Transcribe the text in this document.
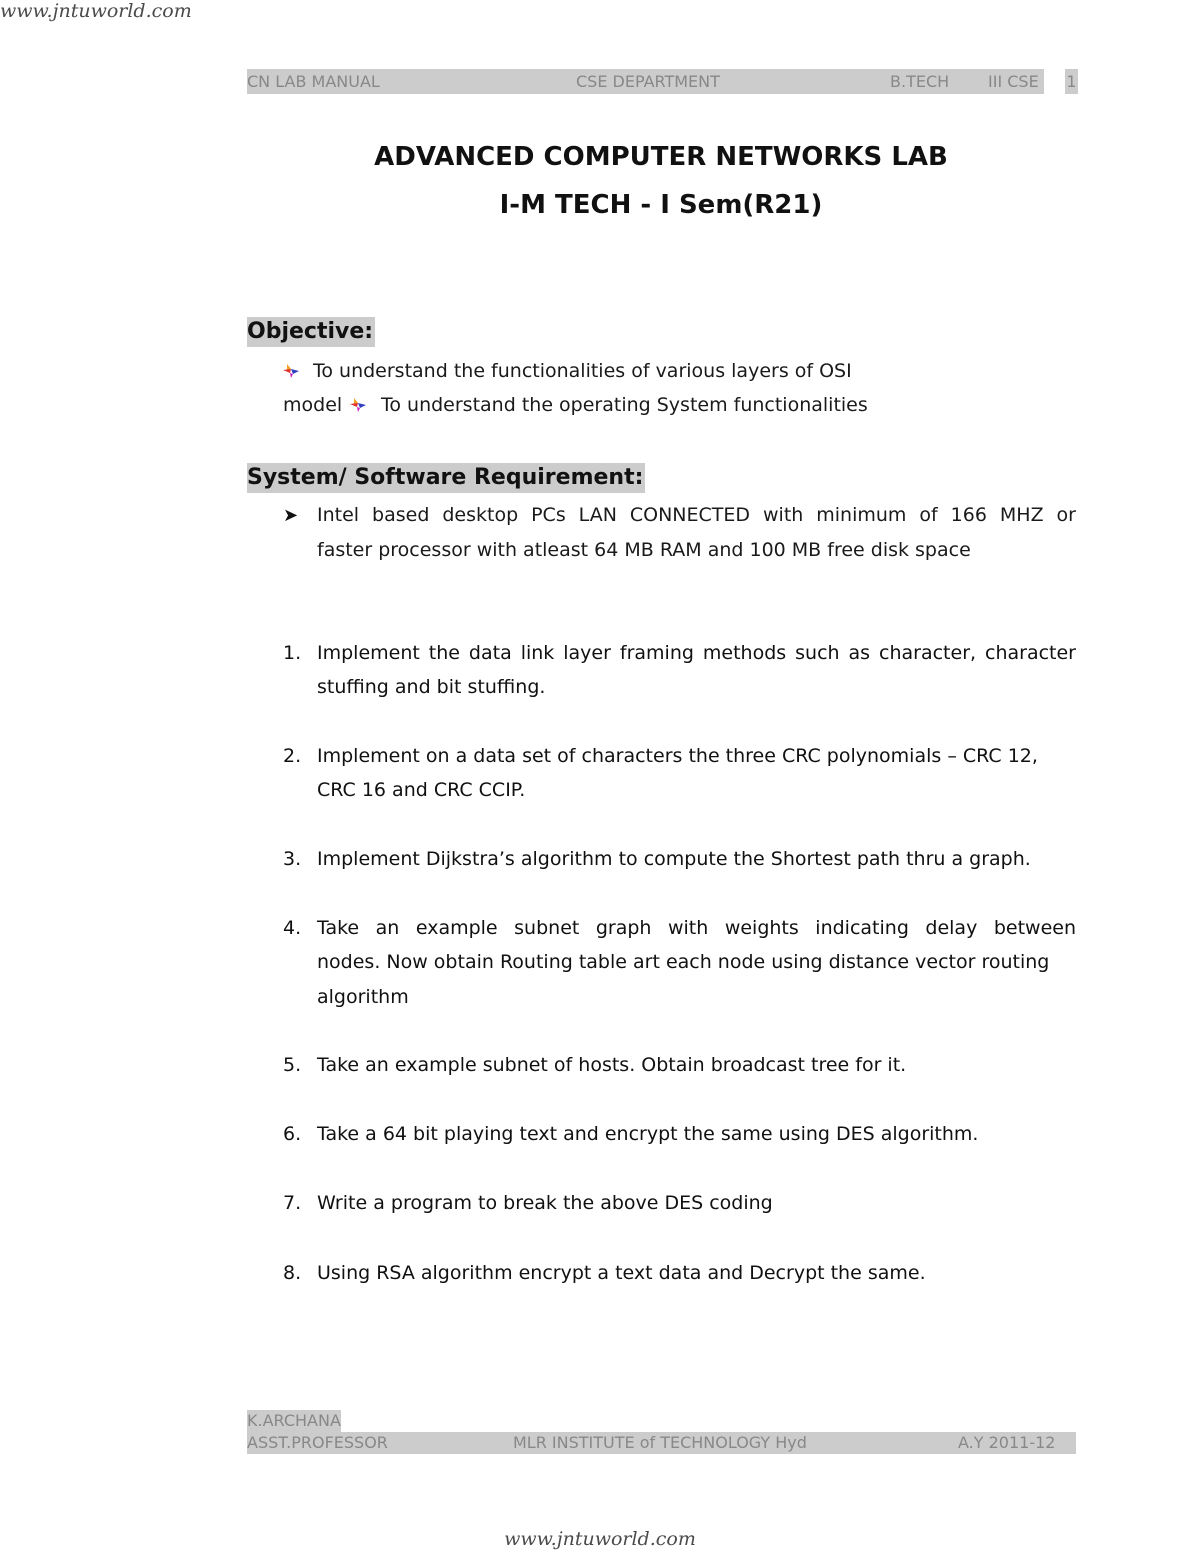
www.jntuworld.com
CN LAB MANUAL	CSE DEPARTMENT	B.TECH III CSE 1
ADVANCED COMPUTER NETWORKS LAB
I-M TECH - I Sem(R21)
Objective:
To understand the functionalities of various layers of OSI
model To understand the operating System functionalities
System/ Software Requirement:
➤ Intel based desktop PCs LAN CONNECTED with minimum of 166 MHZ or
faster processor with atleast 64 MB RAM and 100 MB free disk space
1. Implement the data link layer framing methods such as character, character
stuffing and bit stuffing.
2. Implement on a data set of characters the three CRC polynomials – CRC 12,
CRC 16 and CRC CCIP.
3. Implement Dijkstra’s algorithm to compute the Shortest path thru a graph.
4. Take an example subnet graph with weights indicating delay between
nodes. Now obtain Routing table art each node using distance vector routing
algorithm
5. Take an example subnet of hosts. Obtain broadcast tree for it.
6. Take a 64 bit playing text and encrypt the same using DES algorithm.
7. Write a program to break the above DES coding
8. Using RSA algorithm encrypt a text data and Decrypt the same.
K.ARCHANA
ASST.PROFESSOR	MLR INSTITUTE of TECHNOLOGY Hyd	A.Y 2011-12
www.jntuworld.com
